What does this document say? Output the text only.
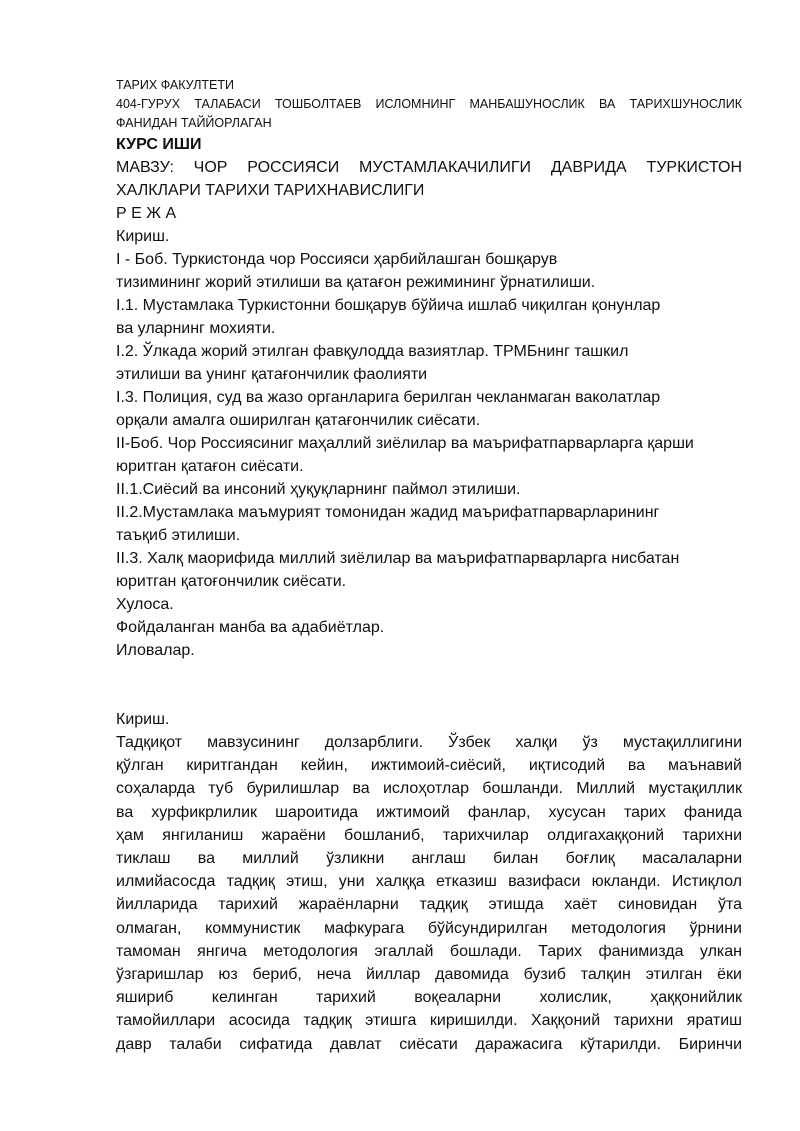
ТАРИХ ФАКУЛТЕТИ
404-ГУРУХ ТАЛАБАСИ ТОШБОЛТАЕВ ИСЛОМНИНГ МАНБАШУНОСЛИК ВА ТАРИХШУНОСЛИК
ФАНИДАН ТАЙЙОРЛАГАН
КУРС ИШИ
МАВЗУ: ЧОР РОССИЯСИ МУСТАМЛАКАЧИЛИГИ ДАВРИДА ТУРКИСТОН
ХАЛКЛАРИ ТАРИХИ ТАРИХНАВИСЛИГИ
Р Е Ж А
Кириш.
I - Боб. Туркистонда чор Россияси ҳарбийлашган бошқарув
тизимининг жорий этилиши ва қатағон режимининг ўрнатилиши.
I.1. Мустамлака Туркистонни бошқарув бўйича ишлаб чиқилган қонунлар
ва уларнинг мохияти.
I.2. Ўлкада жорий этилган фавқулодда вазиятлар. ТРМБнинг ташкил
этилиши ва унинг қатағончилик фаолияти
I.3. Полиция, суд ва жазо органларига берилган чекланмаган ваколатлар
орқали амалга оширилган қатағончилик сиёсати.
II-Боб. Чор Россиясиниг маҳаллий зиёлилар ва маърифатпарварларга қарши
юритган қатағон сиёсати.
II.1.Сиёсий ва инсоний ҳуқуқларнинг паймол этилиши.
II.2.Мустамлака маъмурият томонидан жадид маърифатпарварларининг
таъқиб этилиши.
II.3. Халқ маорифида миллий зиёлилар ва маърифатпарварларга нисбатан
юритган қатоғончилик сиёсати.
Хулоса.
Фойдаланган манба ва адабиётлар.
Иловалар.
Кириш.
Тадқиқот мавзусининг долзарблиги. Ўзбек халқи ўз мустақиллигини
қўлган киритгандан кейин, ижтимоий-сиёсий, иқтисодий ва маънавий
соҳаларда туб бурилишлар ва ислоҳотлар бошланди. Миллий мустақиллик
ва хурфикрлилик шароитида ижтимоий фанлар, хусусан тарих фанида
ҳам янгиланиш жараёни бошланиб, тарихчилар олдигахаққоний тарихни
тиклаш ва миллий ўзликни англаш билан боғлиқ масалаларни
илмийасосда тадқиқ этиш, уни халққа етказиш вазифаси юкланди. Истиқлол
йилларида тарихий жараёнларни тадқиқ этишда хаёт синовидан ўта
олмаган, коммунистик мафкурага бўйсундирилган методология ўрнини
тамоман янгича методология эгаллай бошлади. Тарих фанимизда улкан
ўзгаришлар юз бериб, неча йиллар давомида бузиб талқин этилган ёки
яшириб келинган тарихий воқеаларни холислик, ҳаққонийлик
тамойиллари асосида тадқиқ этишга киришилди. Хаққоний тарихни яратиш
давр талаби сифатида давлат сиёсати даражасига кўтарилди. Биринчи
